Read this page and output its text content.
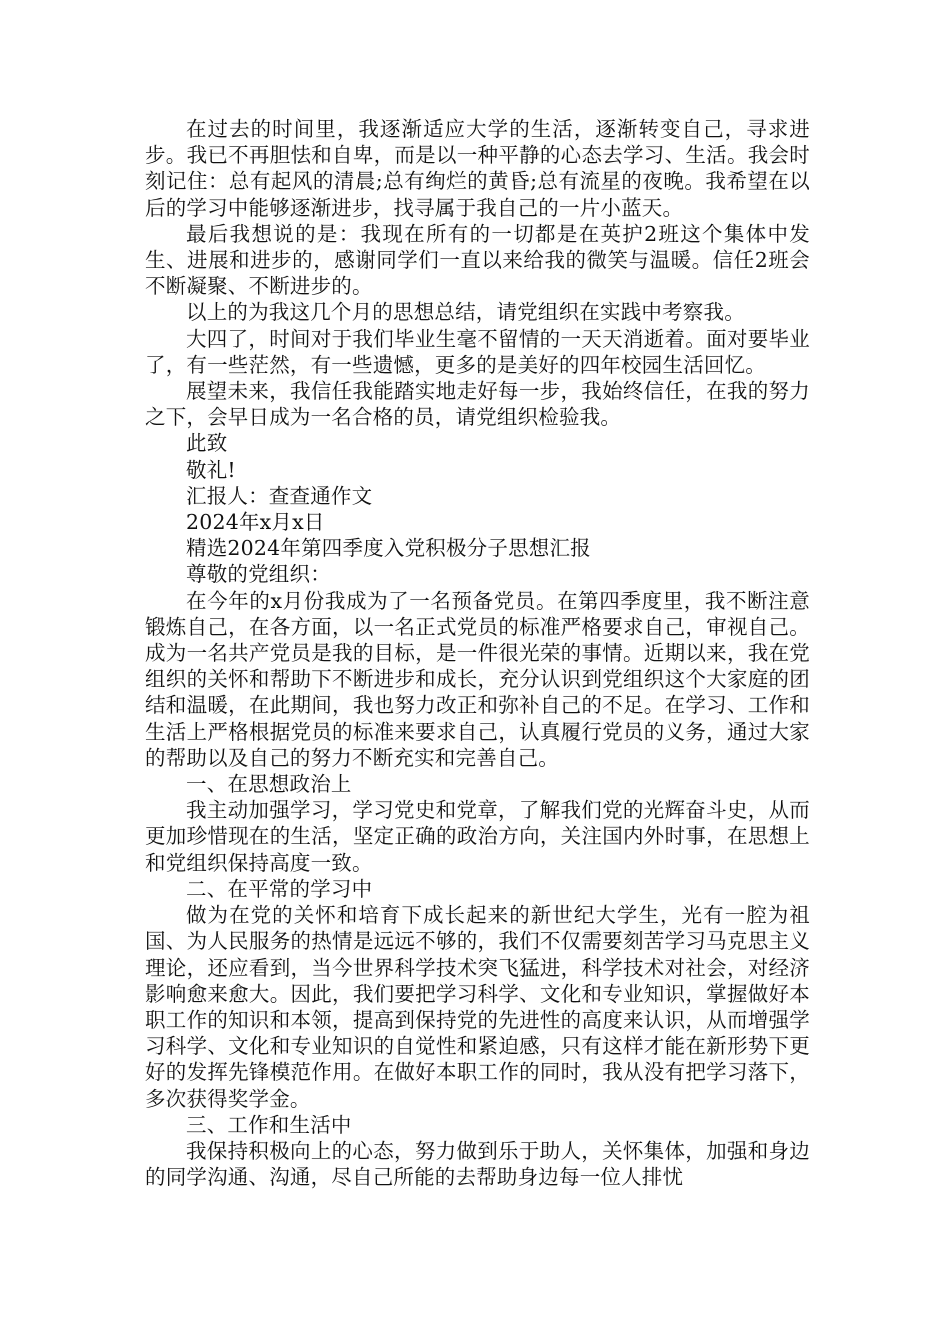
在过去的时间里，我逐渐适应大学的生活，逐渐转变自己，寻求进步。我已不再胆怯和自卑，而是以一种平静的心态去学习、生活。我会时刻记住：总有起风的清晨;总有绚烂的黄昏;总有流星的夜晚。我希望在以后的学习中能够逐渐进步，找寻属于我自己的一片小蓝天。

最后我想说的是：我现在所有的一切都是在英护2班这个集体中发生、进展和进步的，感谢同学们一直以来给我的微笑与温暖。信任2班会不断凝聚、不断进步的。

以上的为我这几个月的思想总结，请党组织在实践中考察我。

大四了，时间对于我们毕业生毫不留情的一天天消逝着。面对要毕业了，有一些茫然，有一些遗憾，更多的是美好的四年校园生活回忆。

展望未来，我信任我能踏实地走好每一步，我始终信任，在我的努力之下，会早日成为一名合格的员，请党组织检验我。

此致

敬礼!

汇报人：查查通作文

2024年x月x日

精选2024年第四季度入党积极分子思想汇报

尊敬的党组织：

在今年的x月份我成为了一名预备党员。在第四季度里，我不断注意锻炼自己，在各方面，以一名正式党员的标准严格要求自己，审视自己。成为一名共产党员是我的目标，是一件很光荣的事情。近期以来，我在党组织的关怀和帮助下不断进步和成长，充分认识到党组织这个大家庭的团结和温暖，在此期间，我也努力改正和弥补自己的不足。在学习、工作和生活上严格根据党员的标准来要求自己，认真履行党员的义务，通过大家的帮助以及自己的努力不断充实和完善自己。

一、在思想政治上

我主动加强学习，学习党史和党章，了解我们党的光辉奋斗史，从而更加珍惜现在的生活，坚定正确的政治方向，关注国内外时事，在思想上和党组织保持高度一致。

二、在平常的学习中

做为在党的关怀和培育下成长起来的新世纪大学生，光有一腔为祖国、为人民服务的热情是远远不够的，我们不仅需要刻苦学习马克思主义理论，还应看到，当今世界科学技术突飞猛进，科学技术对社会，对经济影响愈来愈大。因此，我们要把学习科学、文化和专业知识，掌握做好本职工作的知识和本领，提高到保持党的先进性的高度来认识，从而增强学习科学、文化和专业知识的自觉性和紧迫感，只有这样才能在新形势下更好的发挥先锋模范作用。在做好本职工作的同时，我从没有把学习落下，多次获得奖学金。

三、工作和生活中

我保持积极向上的心态，努力做到乐于助人，关怀集体，加强和身边的同学沟通、沟通，尽自己所能的去帮助身边每一位人排忧
